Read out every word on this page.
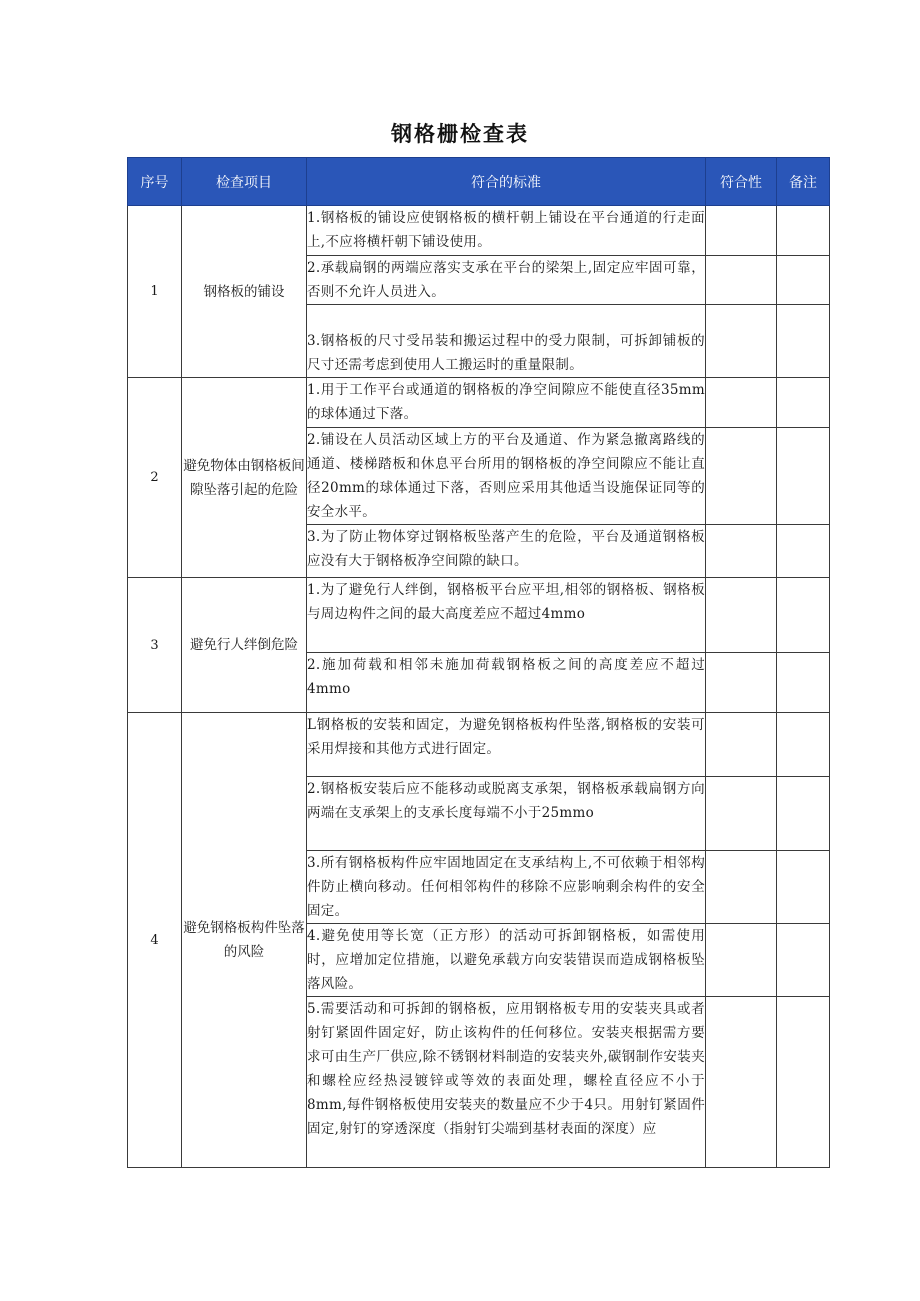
钢格栅检查表
序号	检查项目	符合的标准	符合性	备注
1	钢格板的铺设	1.钢格板的铺设应使钢格板的横杆朝上铺设在平台通道的行走面上,不应将横杆朝下铺设使用。		
		2.承载扁钢的两端应落实支承在平台的梁架上,固定应牢固可靠，否则不允许人员进入。		
		3.钢格板的尺寸受吊装和搬运过程中的受力限制，可拆卸铺板的尺寸还需考虑到使用人工搬运时的重量限制。		
2	避免物体由钢格板间隙坠落引起的危险	1.用于工作平台或通道的钢格板的净空间隙应不能使直径35mm的球体通过下落。		
		2.铺设在人员活动区域上方的平台及通道、作为紧急撤离路线的通道、楼梯踏板和休息平台所用的钢格板的净空间隙应不能让直径20mm的球体通过下落，否则应采用其他适当设施保证同等的安全水平。		
		3.为了防止物体穿过钢格板坠落产生的危险，平台及通道钢格板应没有大于钢格板净空间隙的缺口。		
3	避免行人绊倒危险	1.为了避免行人绊倒，钢格板平台应平坦,相邻的钢格板、钢格板与周边构件之间的最大高度差应不超过4mmo		
		2.施加荷载和相邻未施加荷载钢格板之间的高度差应不超过4mmo		
4	避免钢格板构件坠落的风险	L钢格板的安装和固定，为避免钢格板构件坠落,钢格板的安装可采用焊接和其他方式进行固定。		
		2.钢格板安装后应不能移动或脱离支承架，钢格板承载扁钢方向两端在支承架上的支承长度每端不小于25mmo		
		3.所有钢格板构件应牢固地固定在支承结构上,不可依赖于相邻构件防止横向移动。任何相邻构件的移除不应影响剩余构件的安全固定。		
		4.避免使用等长宽（正方形）的活动可拆卸钢格板，如需使用时，应增加定位措施，以避免承载方向安装错误而造成钢格板坠落风险。		
		5.需要活动和可拆卸的钢格板，应用钢格板专用的安装夹具或者射钉紧固件固定好，防止该构件的任何移位。安装夹根据需方要求可由生产厂供应,除不锈钢材料制造的安装夹外,碳钢制作安装夹和螺栓应经热浸镀锌或等效的表面处理，螺栓直径应不小于8mm,每件钢格板使用安装夹的数量应不少于4只。用射钉紧固件固定,射钉的穿透深度（指射钉尖端到基材表面的深度）应		
